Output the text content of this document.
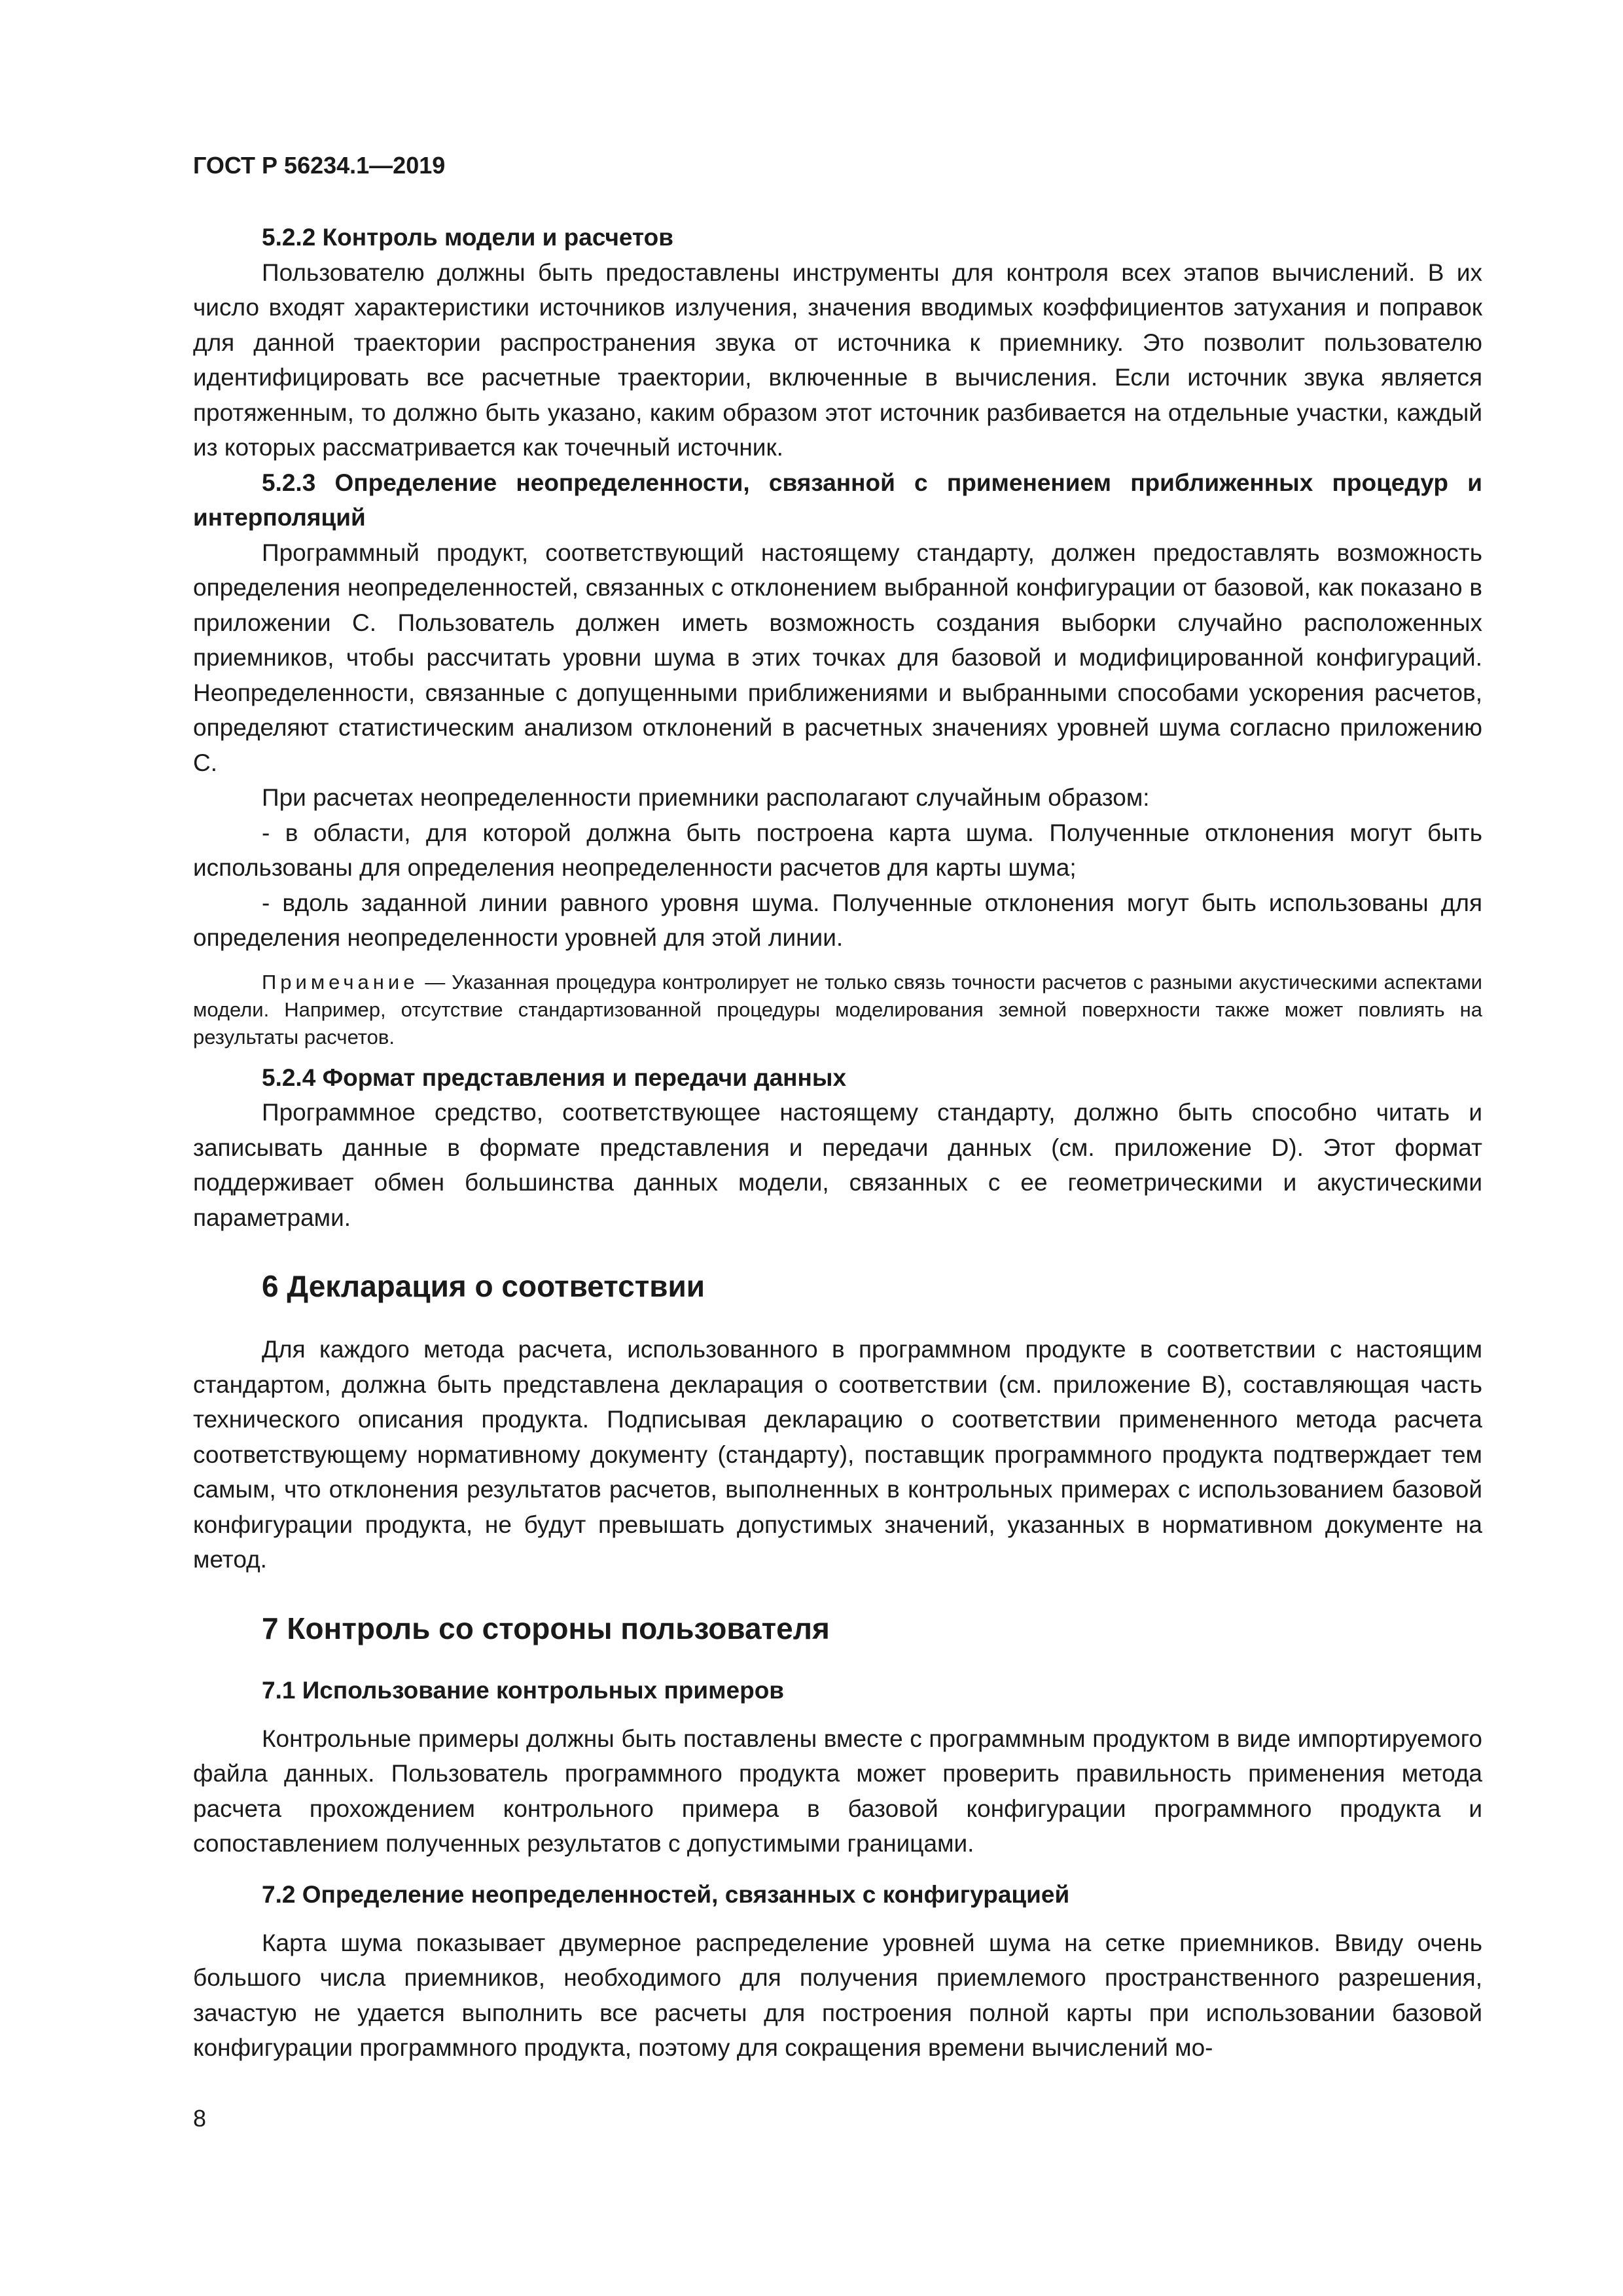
ГОСТ Р 56234.1—2019

5.2.2 Контроль модели и расчетов

Пользователю должны быть предоставлены инструменты для контроля всех этапов вычислений. В их число входят характеристики источников излучения, значения вводимых коэффициентов затухания и поправок для данной траектории распространения звука от источника к приемнику. Это позволит пользователю идентифицировать все расчетные траектории, включенные в вычисления. Если источник звука является протяженным, то должно быть указано, каким образом этот источник разбивается на отдельные участки, каждый из которых рассматривается как точечный источник.

5.2.3 Определение неопределенности, связанной с применением приближенных процедур и интерполяций

Программный продукт, соответствующий настоящему стандарту, должен предоставлять возможность определения неопределенностей, связанных с отклонением выбранной конфигурации от базовой, как показано в приложении C. Пользователь должен иметь возможность создания выборки случайно расположенных приемников, чтобы рассчитать уровни шума в этих точках для базовой и модифицированной конфигураций. Неопределенности, связанные с допущенными приближениями и выбранными способами ускорения расчетов, определяют статистическим анализом отклонений в расчетных значениях уровней шума согласно приложению C.

При расчетах неопределенности приемники располагают случайным образом:

- в области, для которой должна быть построена карта шума. Полученные отклонения могут быть использованы для определения неопределенности расчетов для карты шума;

- вдоль заданной линии равного уровня шума. Полученные отклонения могут быть использованы для определения неопределенности уровней для этой линии.

Примечание — Указанная процедура контролирует не только связь точности расчетов с разными акустическими аспектами модели. Например, отсутствие стандартизованной процедуры моделирования земной поверхности также может повлиять на результаты расчетов.

5.2.4 Формат представления и передачи данных

Программное средство, соответствующее настоящему стандарту, должно быть способно читать и записывать данные в формате представления и передачи данных (см. приложение D). Этот формат поддерживает обмен большинства данных модели, связанных с ее геометрическими и акустическими параметрами.

6 Декларация о соответствии

Для каждого метода расчета, использованного в программном продукте в соответствии с настоящим стандартом, должна быть представлена декларация о соответствии (см. приложение B), составляющая часть технического описания продукта. Подписывая декларацию о соответствии примененного метода расчета соответствующему нормативному документу (стандарту), поставщик программного продукта подтверждает тем самым, что отклонения результатов расчетов, выполненных в контрольных примерах с использованием базовой конфигурации продукта, не будут превышать допустимых значений, указанных в нормативном документе на метод.

7 Контроль со стороны пользователя
7.1 Использование контрольных примеров

Контрольные примеры должны быть поставлены вместе с программным продуктом в виде импортируемого файла данных. Пользователь программного продукта может проверить правильность применения метода расчета прохождением контрольного примера в базовой конфигурации программного продукта и сопоставлением полученных результатов с допустимыми границами.

7.2 Определение неопределенностей, связанных с конфигурацией

Карта шума показывает двумерное распределение уровней шума на сетке приемников. Ввиду очень большого числа приемников, необходимого для получения приемлемого пространственного разрешения, зачастую не удается выполнить все расчеты для построения полной карты при использовании базовой конфигурации программного продукта, поэтому для сокращения времени вычислений мо-

8
